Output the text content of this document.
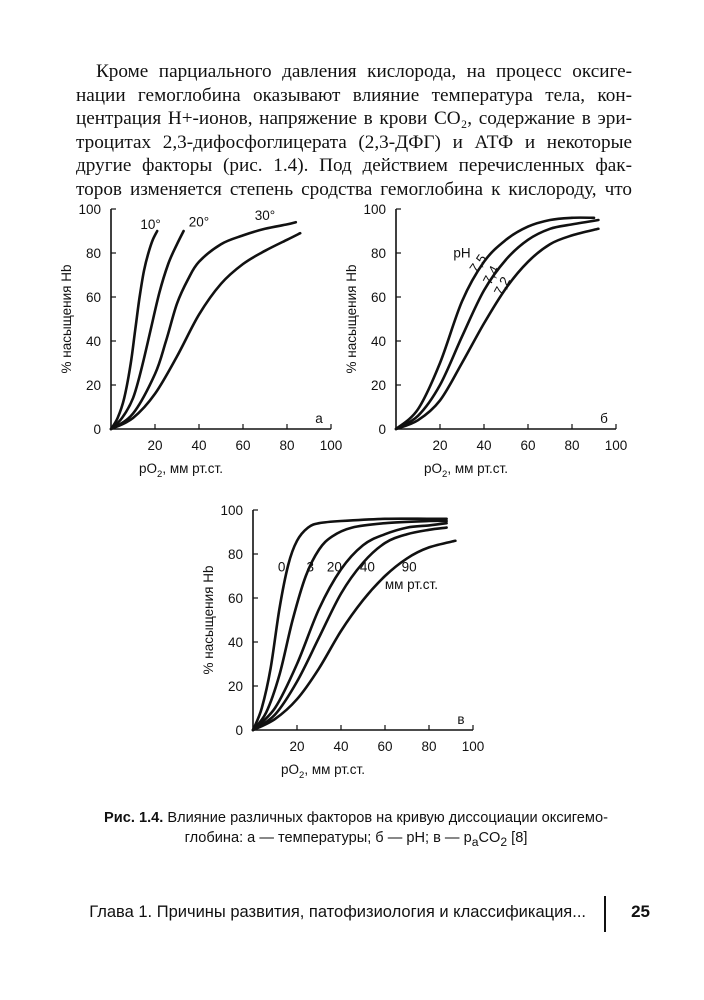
Кроме парциального давления кислорода, на процесс оксиге-
нации гемоглобина оказывают влияние температура тела, кон-
центрация H+-ионов, напряжение в крови CO₂, содержание в эри-
троцитах 2,3-дифосфоглицерата (2,3-ДФГ) и АТФ и некоторые
другие факторы (рис. 1.4). Под действием перечисленных фак-
торов изменяется степень сродства гемоглобина к кислороду, что

0
20
40
60
80
100
20 40 60 80 100
% насыщения Hb
$pO_2$, мм рт.ст.
а
10° 20°	30°
0
20
40
60
80
100
20 40 60 80 100
% насыщения Hb
$pO_2$, мм рт.ст.
б
pH
7,5
7,4
7,2
0
20
40
60
80
100
20 40 60 80 100
% насыщения Hb
$pO_2$, мм рт.ст.
в
0 3 20 40 90
мм рт.ст.

Рис. 1.4. Влияние различных факторов на кривую диссоциации оксигемо-
глобина: а — температуры; б — pH; в — $p_aCO_2$ [8]

Глава 1. Причины развития, патофизиология и классификация...	25
